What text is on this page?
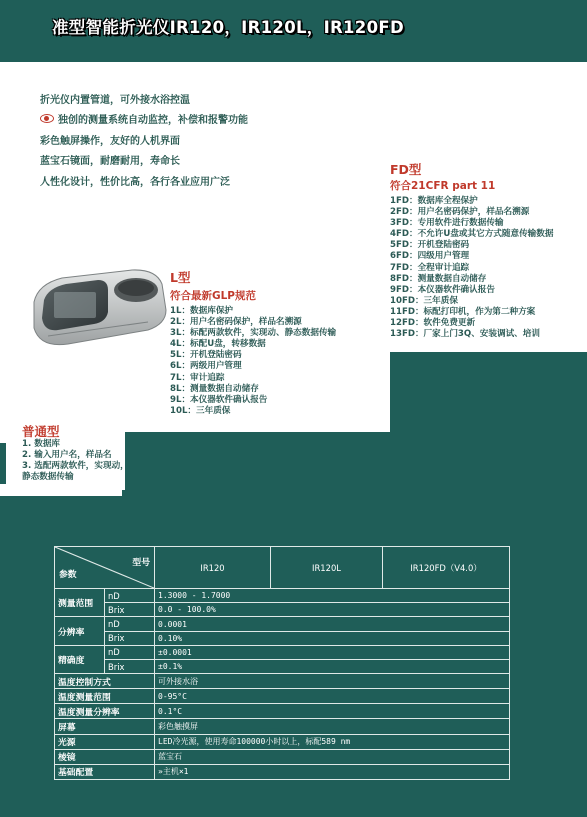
准型智能折光仪IR120，IR120L，IR120FD
折光仪内置管道，可外接水浴控温
独创的测量系统自动监控，补偿和报警功能
彩色触屏操作，友好的人机界面
蓝宝石镜面，耐磨耐用，寿命长
人性化设计，性价比高，各行各业应用广泛
FD型
符合21CFR part 11
1FD：数据库全程保护
2FD：用户名密码保护，样品名溯源
3FD：专用软件进行数据传输
4FD：不允许U盘或其它方式随意传输数据
5FD：开机登陆密码
6FD：四级用户管理
7FD：全程审计追踪
8FD：测量数据自动储存
9FD：本仪器软件确认报告
10FD：三年质保
11FD：标配打印机，作为第二种方案
12FD：软件免费更新
13FD：厂家上门3Q、安装调试、培训
L型
符合最新GLP规范
1L：数据库保护
2L：用户名密码保护，样品名溯源
3L：标配两款软件，实现动、静态数据传输
4L：标配U盘，转移数据
5L：开机登陆密码
6L：两级用户管理
7L：审计追踪
8L：测量数据自动储存
9L：本仪器软件确认报告
10L：三年质保
普通型
1. 数据库
2. 输入用户名，样品名
3. 选配两款软件，实现动，
静态数据传输
参数
型号		IR120	IR120L	IR120FD（V4.0）
测量范围	nD	1.3000 - 1.7000		
	Brix	0.0 - 100.0%		
分辨率	nD	0.0001		
	Brix	0.10%		
精确度	nD	±0.0001		
	Brix	±0.1%		
温度控制方式		可外接水浴		
温度测量范围		0-95°C		
温度测量分辨率		0.1°C		
屏幕		彩色触摸屏		
光源		LED冷光源，使用寿命100000小时以上，标配589 nm		
棱镜		蓝宝石		
基础配置		»主机×1		
